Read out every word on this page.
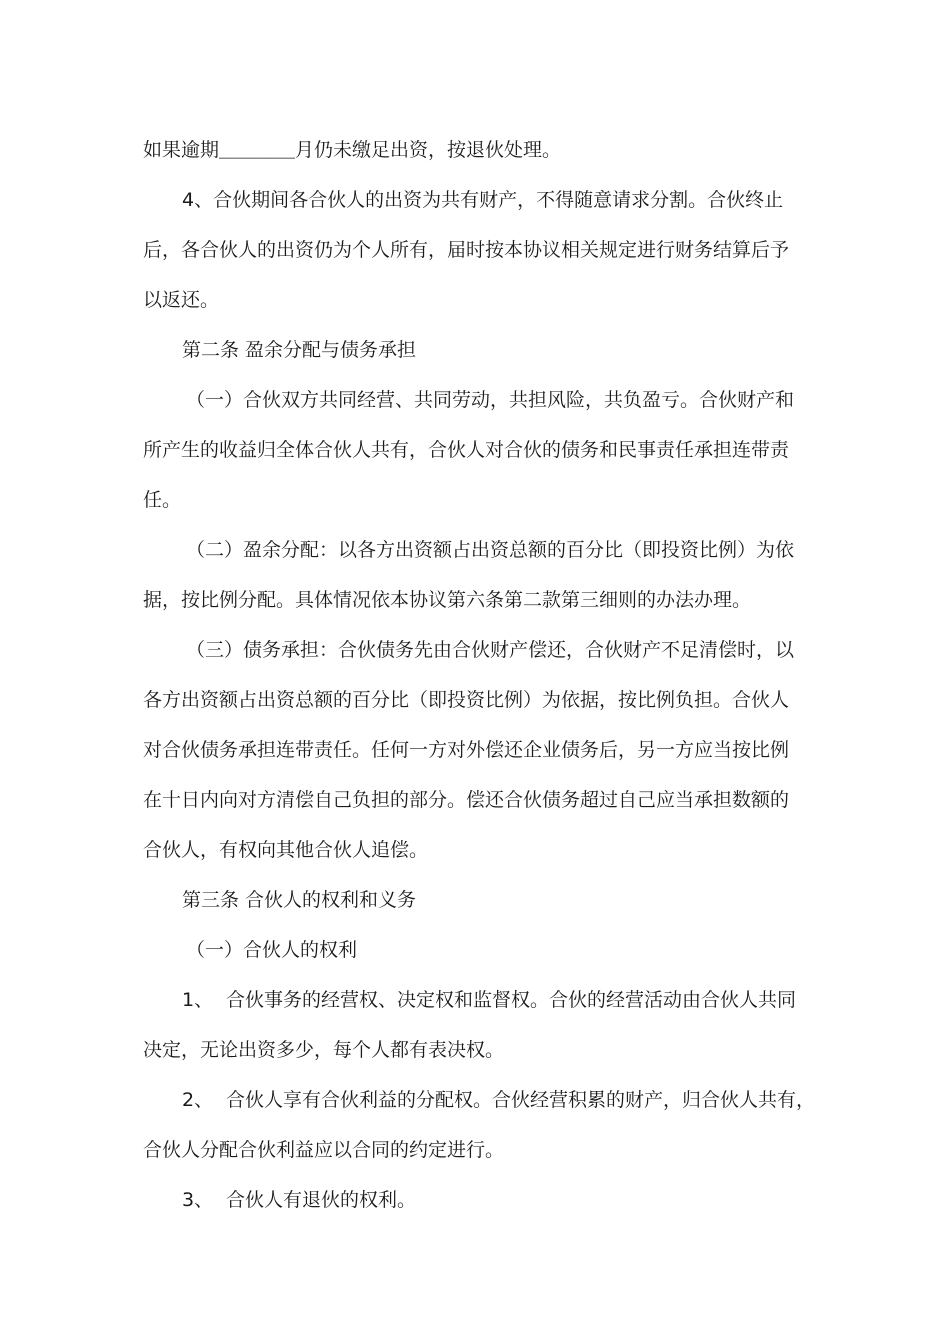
如果逾期＿＿＿＿月仍未缴足出资，按退伙处理。
4、合伙期间各合伙人的出资为共有财产，不得随意请求分割。合伙终止
后，各合伙人的出资仍为个人所有，届时按本协议相关规定进行财务结算后予
以返还。
第二条 盈余分配与债务承担
（一）合伙双方共同经营、共同劳动，共担风险，共负盈亏。合伙财产和
所产生的收益归全体合伙人共有，合伙人对合伙的债务和民事责任承担连带责
任。
（二）盈余分配：以各方出资额占出资总额的百分比（即投资比例）为依
据，按比例分配。具体情况依本协议第六条第二款第三细则的办法办理。
（三）债务承担：合伙债务先由合伙财产偿还，合伙财产不足清偿时，以
各方出资额占出资总额的百分比（即投资比例）为依据，按比例负担。合伙人
对合伙债务承担连带责任。任何一方对外偿还企业债务后，另一方应当按比例
在十日内向对方清偿自己负担的部分。偿还合伙债务超过自己应当承担数额的
合伙人，有权向其他合伙人追偿。
第三条 合伙人的权利和义务
（一）合伙人的权利
1、 合伙事务的经营权、决定权和监督权。合伙的经营活动由合伙人共同
决定，无论出资多少，每个人都有表决权。
2、 合伙人享有合伙利益的分配权。合伙经营积累的财产，归合伙人共有，
合伙人分配合伙利益应以合同的约定进行。
3、 合伙人有退伙的权利。
